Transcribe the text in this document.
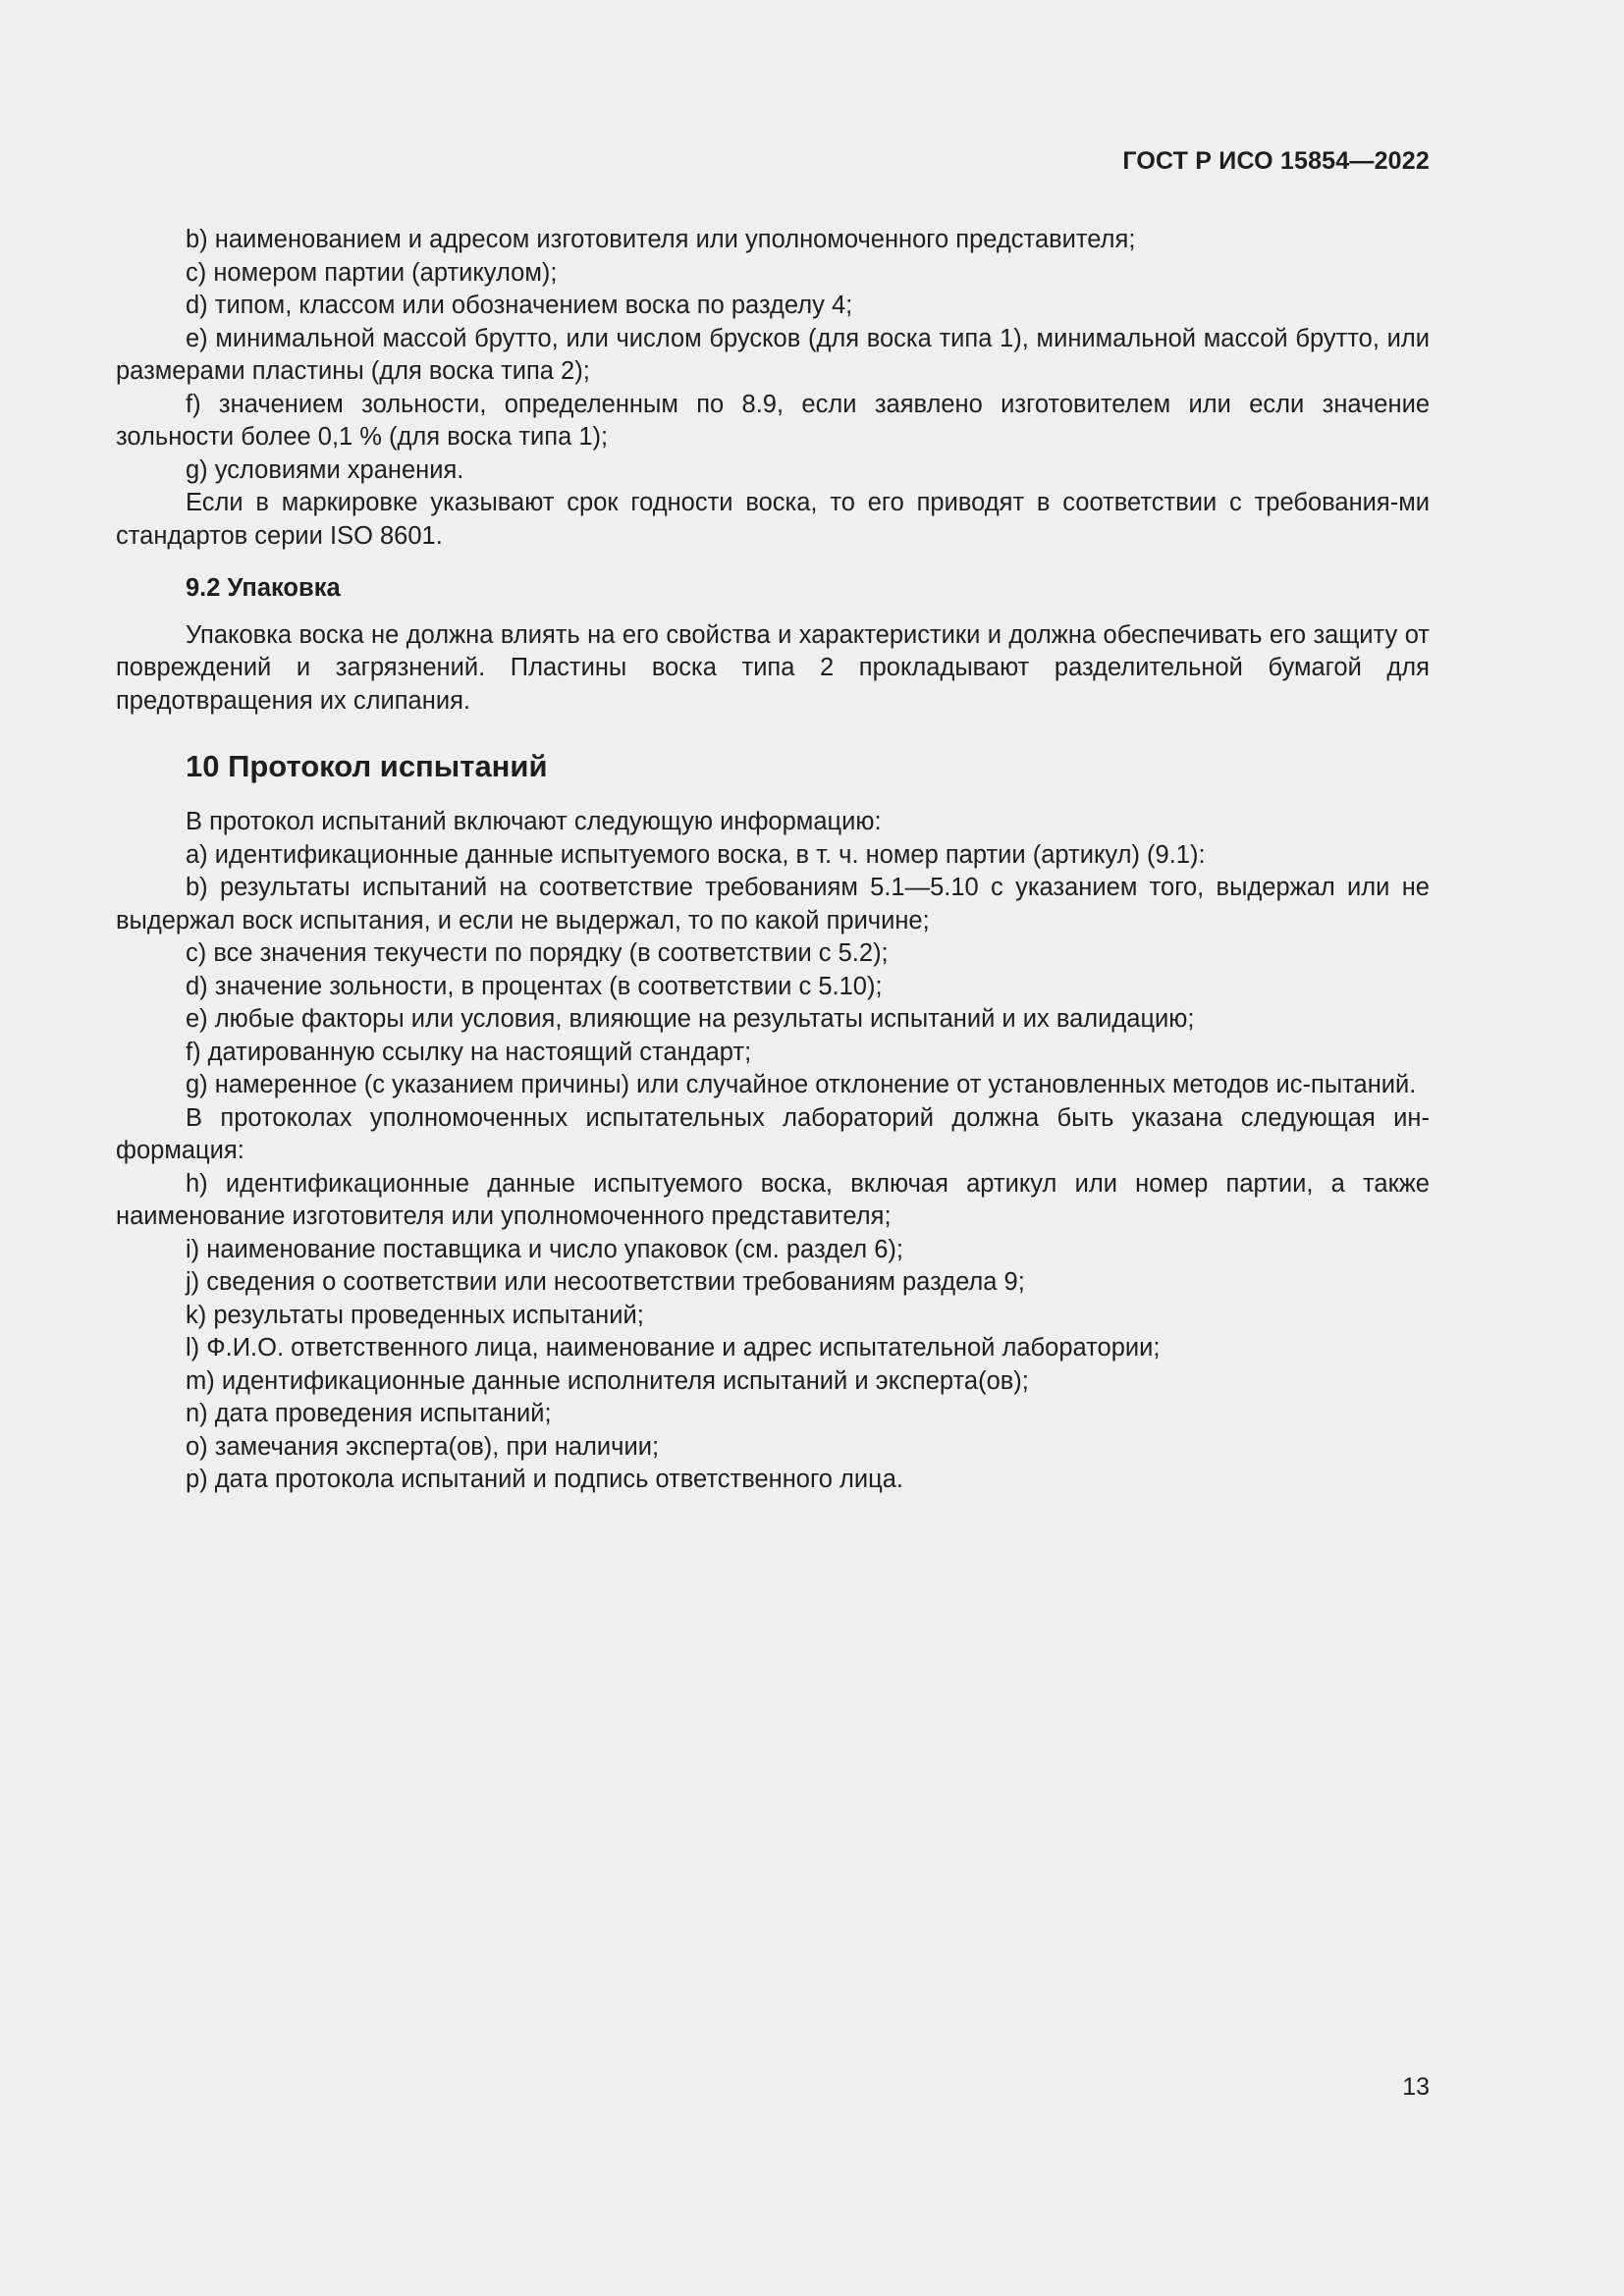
ГОСТ Р ИСО 15854—2022

b) наименованием и адресом изготовителя или уполномоченного представителя;

c) номером партии (артикулом);

d) типом, классом или обозначением воска по разделу 4;

e) минимальной массой брутто, или числом брусков (для воска типа 1), минимальной массой брутто, или размерами пластины (для воска типа 2);

f) значением зольности, определенным по 8.9, если заявлено изготовителем или если значение зольности более 0,1 % (для воска типа 1);

g) условиями хранения.

Если в маркировке указывают срок годности воска, то его приводят в соответствии с требования-ми стандартов серии ISO 8601.

9.2 Упаковка

Упаковка воска не должна влиять на его свойства и характеристики и должна обеспечивать его защиту от повреждений и загрязнений. Пластины воска типа 2 прокладывают разделительной бумагой для предотвращения их слипания.

10 Протокол испытаний

В протокол испытаний включают следующую информацию:

a) идентификационные данные испытуемого воска, в т. ч. номер партии (артикул) (9.1):

b) результаты испытаний на соответствие требованиям 5.1—5.10 с указанием того, выдержал или не выдержал воск испытания, и если не выдержал, то по какой причине;

c) все значения текучести по порядку (в соответствии с 5.2);

d) значение зольности, в процентах (в соответствии с 5.10);

e) любые факторы или условия, влияющие на результаты испытаний и их валидацию;

f) датированную ссылку на настоящий стандарт;

g) намеренное (с указанием причины) или случайное отклонение от установленных методов ис-пытаний.

В протоколах уполномоченных испытательных лабораторий должна быть указана следующая ин-формация:

h) идентификационные данные испытуемого воска, включая артикул или номер партии, а также наименование изготовителя или уполномоченного представителя;

i) наименование поставщика и число упаковок (см. раздел 6);

j) сведения о соответствии или несоответствии требованиям раздела 9;

k) результаты проведенных испытаний;

l) Ф.И.О. ответственного лица, наименование и адрес испытательной лаборатории;

m) идентификационные данные исполнителя испытаний и эксперта(ов);

n) дата проведения испытаний;

o) замечания эксперта(ов), при наличии;

p) дата протокола испытаний и подпись ответственного лица.

13
